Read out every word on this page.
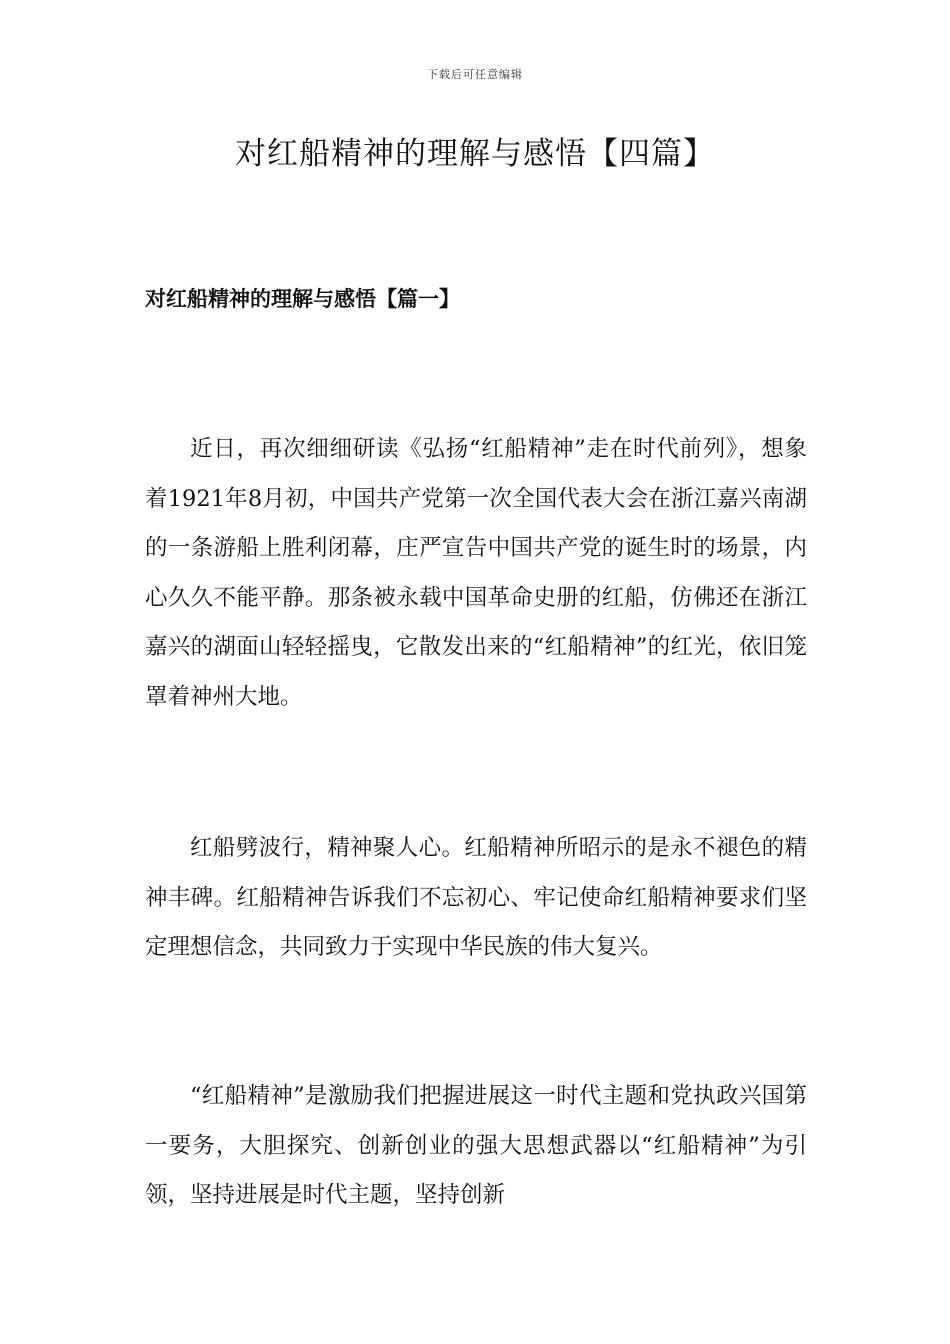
下载后可任意编辑
对红船精神的理解与感悟【四篇】
对红船精神的理解与感悟【篇一】

近日，再次细细研读《弘扬“红船精神”走在时代前列》，想象着1921年8月初，中国共产党第一次全国代表大会在浙江嘉兴南湖的一条游船上胜利闭幕，庄严宣告中国共产党的诞生时的场景，内心久久不能平静。那条被永载中国革命史册的红船，仿佛还在浙江嘉兴的湖面山轻轻摇曳，它散发出来的“红船精神”的红光，依旧笼罩着神州大地。

红船劈波行，精神聚人心。红船精神所昭示的是永不褪色的精神丰碑。红船精神告诉我们不忘初心、牢记使命红船精神要求们坚定理想信念，共同致力于实现中华民族的伟大复兴。

“红船精神”是激励我们把握进展这一时代主题和党执政兴国第一要务，大胆探究、创新创业的强大思想武器以“红船精神”为引领，坚持进展是时代主题，坚持创新
